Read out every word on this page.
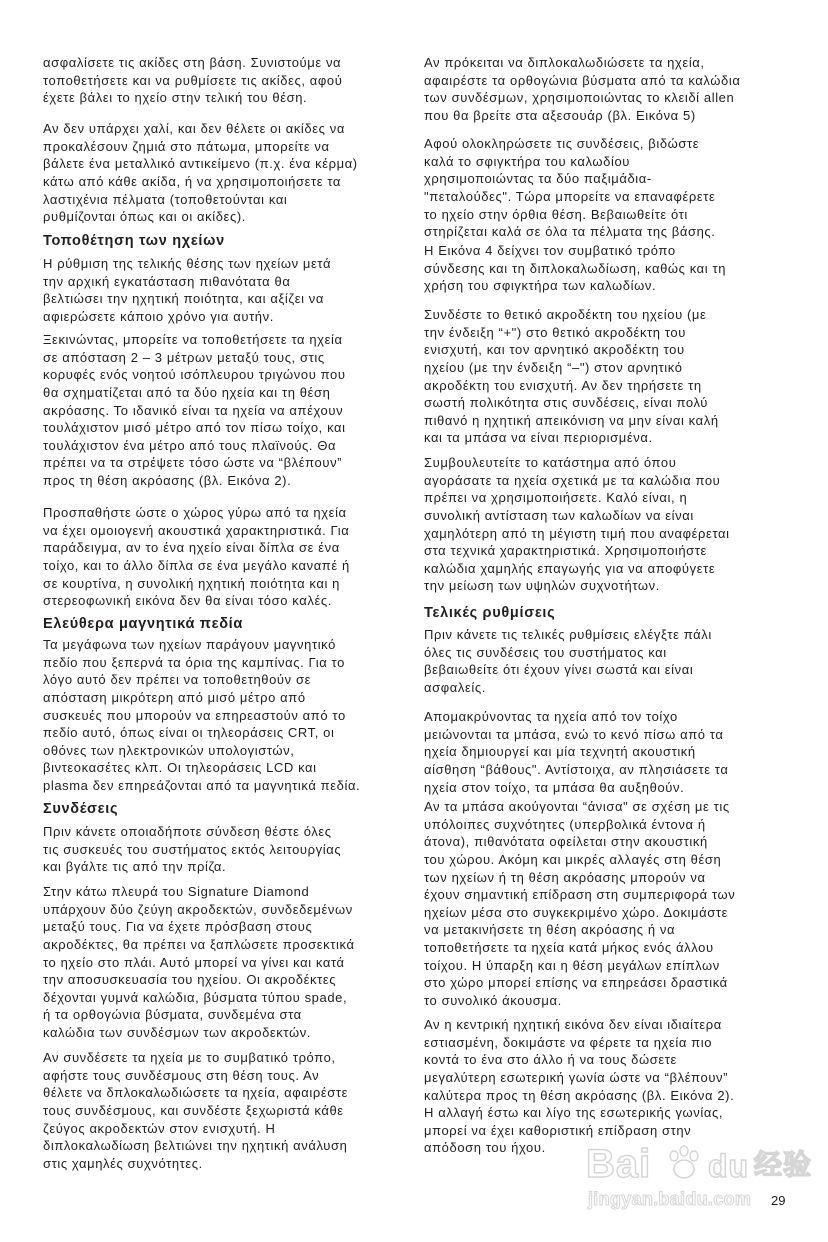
ασφαλίσετε τις ακίδες στη βάση. Συνιστούμε να
τοποθετήσετε και να ρυθμίσετε τις ακίδες, αφού
έχετε βάλει το ηχείο στην τελική του θέση.
Αν δεν υπάρχει χαλί, και δεν θέλετε οι ακίδες να
προκαλέσουν ζημιά στο πάτωμα, μπορείτε να
βάλετε ένα μεταλλικό αντικείμενο (π.χ. ένα κέρμα)
κάτω από κάθε ακίδα, ή να χρησιμοποιήσετε τα
λαστιχένια πέλματα (τοποθετούνται και
ρυθμίζονται όπως και οι ακίδες).
Τοποθέτηση των ηχείων
Η ρύθμιση της τελικής θέσης των ηχείων μετά
την αρχική εγκατάσταση πιθανότατα θα
βελτιώσει την ηχητική ποιότητα, και αξίζει να
αφιερώσετε κάποιο χρόνο για αυτήν.
Ξεκινώντας, μπορείτε να τοποθετήσετε τα ηχεία
σε απόσταση 2 – 3 μέτρων μεταξύ τους, στις
κορυφές ενός νοητού ισόπλευρου τριγώνου που
θα σχηματίζεται από τα δύο ηχεία και τη θέση
ακρόασης. Το ιδανικό είναι τα ηχεία να απέχουν
τουλάχιστον μισό μέτρο από τον πίσω τοίχο, και
τουλάχιστον ένα μέτρο από τους πλαϊνούς. Θα
πρέπει να τα στρέψετε τόσο ώστε να “βλέπουν”
προς τη θέση ακρόασης (βλ. Εικόνα 2).
Προσπαθήστε ώστε ο χώρος γύρω από τα ηχεία
να έχει ομοιογενή ακουστικά χαρακτηριστικά. Για
παράδειγμα, αν το ένα ηχείο είναι δίπλα σε ένα
τοίχο, και το άλλο δίπλα σε ένα μεγάλο καναπέ ή
σε κουρτίνα, η συνολική ηχητική ποιότητα και η
στερεοφωνική εικόνα δεν θα είναι τόσο καλές.
Ελεύθερα μαγνητικά πεδία
Τα μεγάφωνα των ηχείων παράγουν μαγνητικό
πεδίο που ξεπερνά τα όρια της καμπίνας. Για το
λόγο αυτό δεν πρέπει να τοποθετηθούν σε
απόσταση μικρότερη από μισό μέτρο από
συσκευές που μπορούν να επηρεαστούν από το
πεδίο αυτό, όπως είναι οι τηλεοράσεις CRT, οι
οθόνες των ηλεκτρονικών υπολογιστών,
βιντεοκασέτες κλπ. Οι τηλεοράσεις LCD και
plasma δεν επηρεάζονται από τα μαγνητικά πεδία.
Συνδέσεις
Πριν κάνετε οποιαδήποτε σύνδεση θέστε όλες
τις συσκευές του συστήματος εκτός λειτουργίας
και βγάλτε τις από την πρίζα.
Στην κάτω πλευρά του Signature Diamond
υπάρχουν δύο ζεύγη ακροδεκτών, συνδεδεμένων
μεταξύ τους. Για να έχετε πρόσβαση στους
ακροδέκτες, θα πρέπει να ξαπλώσετε προσεκτικά
το ηχείο στο πλάι. Αυτό μπορεί να γίνει και κατά
την αποσυσκευασία του ηχείου. Οι ακροδέκτες
δέχονται γυμνά καλώδια, βύσματα τύπου spade,
ή τα ορθογώνια βύσματα, συνδεμένα στα
καλώδια των συνδέσμων των ακροδεκτών.
Αν συνδέσετε τα ηχεία με το συμβατικό τρόπο,
αφήστε τους συνδέσμους στη θέση τους. Αν
θέλετε να δπλοκαλωδιώσετε τα ηχεία, αφαιρέστε
τους συνδέσμους, και συνδέστε ξεχωριστά κάθε
ζεύγος ακροδεκτών στον ενισχυτή. Η
διπλοκαλωδίωση βελτιώνει την ηχητική ανάλυση
στις χαμηλές συχνότητες.
Αν πρόκειται να διπλοκαλωδιώσετε τα ηχεία,
αφαιρέστε τα ορθογώνια βύσματα από τα καλώδια
των συνδέσμων, χρησιμοποιώντας το κλειδί allen
που θα βρείτε στα αξεσουάρ (βλ. Εικόνα 5)
Αφού ολοκληρώσετε τις συνδέσεις, βιδώστε
καλά το σφιγκτήρα του καλωδίου
χρησιμοποιώντας τα δύο παξιμάδια-
"πεταλούδες". Τώρα μπορείτε να επαναφέρετε
το ηχείο στην όρθια θέση. Βεβαιωθείτε ότι
στηρίζεται καλά σε όλα τα πέλματα της βάσης.
Η Εικόνα 4 δείχνει τον συμβατικό τρόπο
σύνδεσης και τη διπλοκαλωδίωση, καθώς και τη
χρήση του σφιγκτήρα των καλωδίων.
Συνδέστε το θετικό ακροδέκτη του ηχείου (με
την ένδειξη “+") στο θετικό ακροδέκτη του
ενισχυτή, και τον αρνητικό ακροδέκτη του
ηχείου (με την ένδειξη “–") στον αρνητικό
ακροδέκτη του ενισχυτή. Αν δεν τηρήσετε τη
σωστή πολικότητα στις συνδέσεις, είναι πολύ
πιθανό η ηχητική απεικόνιση να μην είναι καλή
και τα μπάσα να είναι περιορισμένα.
Συμβουλευτείτε το κατάστημα από όπου
αγοράσατε τα ηχεία σχετικά με τα καλώδια που
πρέπει να χρησιμοποιήσετε. Καλό είναι, η
συνολική αντίσταση των καλωδίων να είναι
χαμηλότερη από τη μέγιστη τιμή που αναφέρεται
στα τεχνικά χαρακτηριστικά. Χρησιμοποιήστε
καλώδια χαμηλής επαγωγής για να αποφύγετε
την μείωση των υψηλών συχνοτήτων.
Τελικές ρυθμίσεις
Πριν κάνετε τις τελικές ρυθμίσεις ελέγξτε πάλι
όλες τις συνδέσεις του συστήματος και
βεβαιωθείτε ότι έχουν γίνει σωστά και είναι
ασφαλείς.
Απομακρύνοντας τα ηχεία από τον τοίχο
μειώνονται τα μπάσα, ενώ το κενό πίσω από τα
ηχεία δημιουργεί και μία τεχνητή ακουστική
αίσθηση “βάθους". Αντίστοιχα, αν πλησιάσετε τα
ηχεία στον τοίχο, τα μπάσα θα αυξηθούν.
Αν τα μπάσα ακούγονται “άνισα" σε σχέση με τις
υπόλοιπες συχνότητες (υπερβολικά έντονα ή
άτονα), πιθανότατα οφείλεται στην ακουστική
του χώρου. Ακόμη και μικρές αλλαγές στη θέση
των ηχείων ή τη θέση ακρόασης μπορούν να
έχουν σημαντική επίδραση στη συμπεριφορά των
ηχείων μέσα στο συγκεκριμένο χώρο. Δοκιμάστε
να μετακινήσετε τη θέση ακρόασης ή να
τοποθετήσετε τα ηχεία κατά μήκος ενός άλλου
τοίχου. Η ύπαρξη και η θέση μεγάλων επίπλων
στο χώρο μπορεί επίσης να επηρεάσει δραστικά
το συνολικό άκουσμα.
Αν η κεντρική ηχητική εικόνα δεν είναι ιδιαίτερα
εστιασμένη, δοκιμάστε να φέρετε τα ηχεία πιο
κοντά το ένα στο άλλο ή να τους δώσετε
μεγαλύτερη εσωτερική γωνία ώστε να “βλέπουν”
καλύτερα προς τη θέση ακρόασης (βλ. Εικόνα 2).
Η αλλαγή έστω και λίγο της εσωτερικής γωνίας,
μπορεί να έχει καθοριστική επίδραση στην
απόδοση του ήχου.
29
Bai du 经验
jingyan.baidu.com
